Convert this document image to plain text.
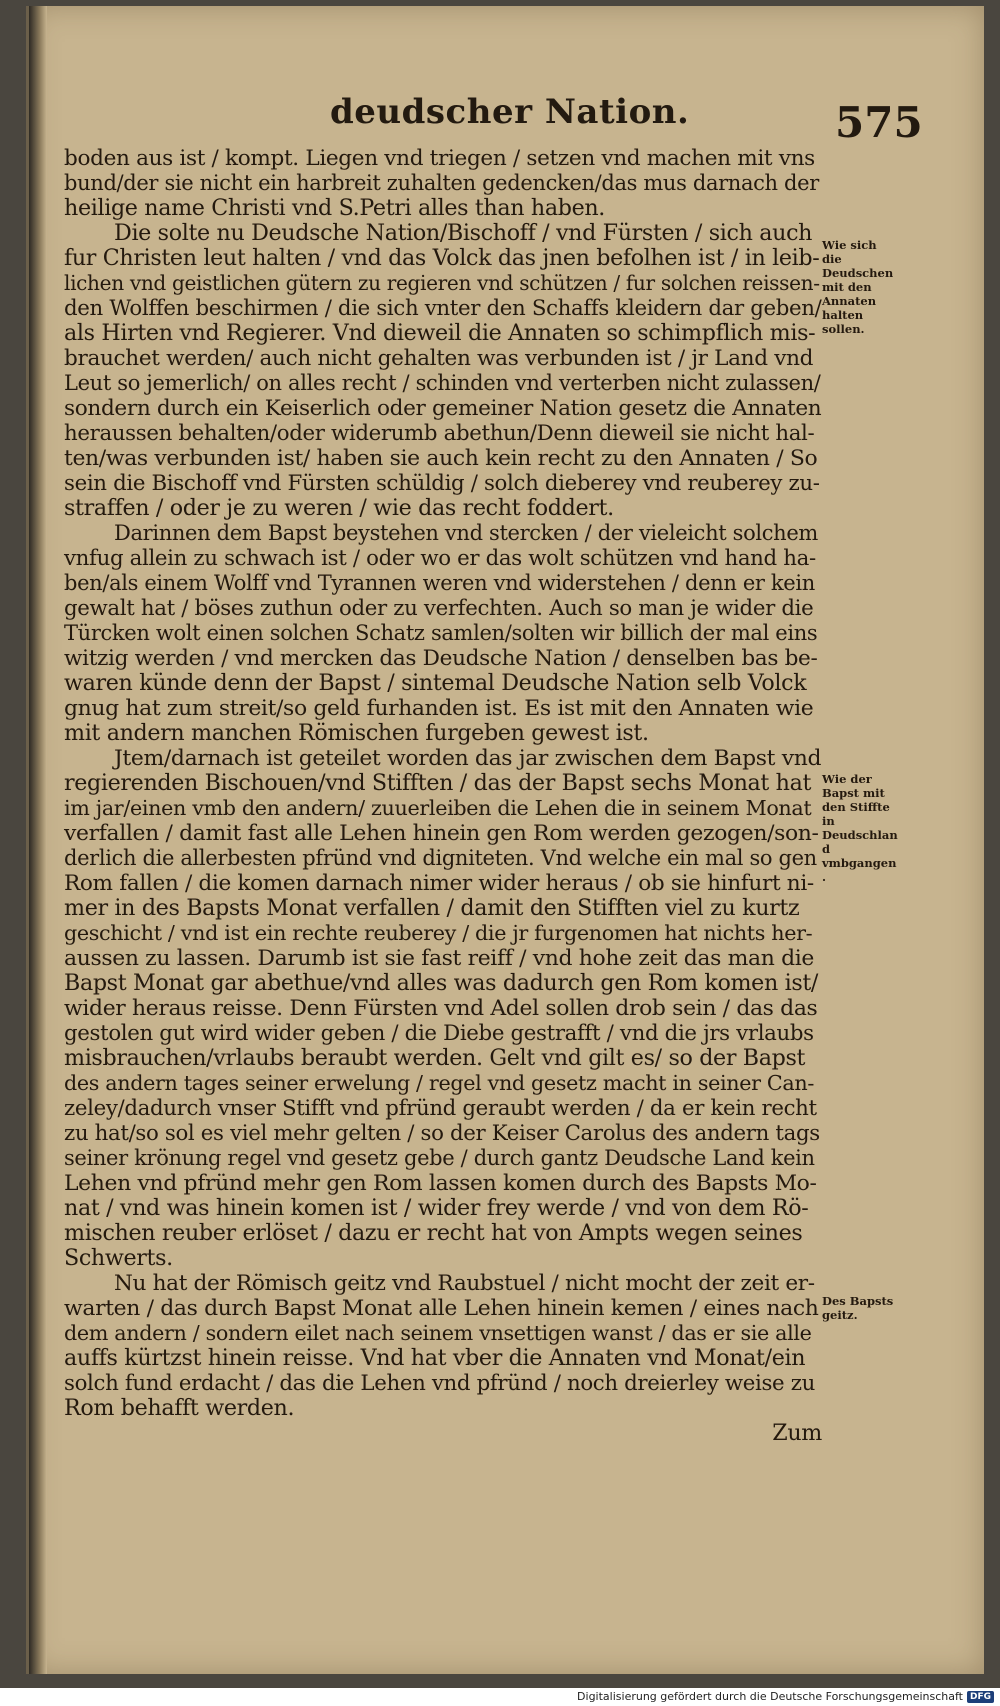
deudscher Nation.	575
boden aus ist / kompt. Liegen vnd triegen / setzen vnd machen mit vns
bund/der sie nicht ein harbreit zuhalten gedencken/das mus darnach der
heilige name Christi vnd S.Petri alles than haben.
Die solte nu Deudsche Nation/Bischoff / vnd Fürsten / sich auch
fur Christen leut halten / vnd das Volck das jnen befolhen ist / in leib-
lichen vnd geistlichen gütern zu regieren vnd schützen / fur solchen reissen-
den Wolffen beschirmen / die sich vnter den Schaffs kleidern dar geben/
als Hirten vnd Regierer. Vnd dieweil die Annaten so schimpflich mis-
brauchet werden/ auch nicht gehalten was verbunden ist / jr Land vnd
Leut so jemerlich/ on alles recht / schinden vnd verterben nicht zulassen/
sondern durch ein Keiserlich oder gemeiner Nation gesetz die Annaten
heraussen behalten/oder widerumb abethun/Denn dieweil sie nicht hal-
ten/was verbunden ist/ haben sie auch kein recht zu den Annaten / So
sein die Bischoff vnd Fürsten schüldig / solch dieberey vnd reuberey zu-
straffen / oder je zu weren / wie das recht foddert.
Darinnen dem Bapst beystehen vnd stercken / der vieleicht solchem
vnfug allein zu schwach ist / oder wo er das wolt schützen vnd hand ha-
ben/als einem Wolff vnd Tyrannen weren vnd widerstehen / denn er kein
gewalt hat / böses zuthun oder zu verfechten. Auch so man je wider die
Türcken wolt einen solchen Schatz samlen/solten wir billich der mal eins
witzig werden / vnd mercken das Deudsche Nation / denselben bas be-
waren künde denn der Bapst / sintemal Deudsche Nation selb Volck
gnug hat zum streit/so geld furhanden ist. Es ist mit den Annaten wie
mit andern manchen Römischen furgeben gewest ist.
Jtem/darnach ist geteilet worden das jar zwischen dem Bapst vnd
regierenden Bischouen/vnd Stifften / das der Bapst sechs Monat hat
im jar/einen vmb den andern/ zuuerleiben die Lehen die in seinem Monat
verfallen / damit fast alle Lehen hinein gen Rom werden gezogen/son-
derlich die allerbesten pfründ vnd digniteten. Vnd welche ein mal so gen
Rom fallen / die komen darnach nimer wider heraus / ob sie hinfurt ni-
mer in des Bapsts Monat verfallen / damit den Stifften viel zu kurtz
geschicht / vnd ist ein rechte reuberey / die jr furgenomen hat nichts her-
aussen zu lassen. Darumb ist sie fast reiff / vnd hohe zeit das man die
Bapst Monat gar abethue/vnd alles was dadurch gen Rom komen ist/
wider heraus reisse. Denn Fürsten vnd Adel sollen drob sein / das das
gestolen gut wird wider geben / die Diebe gestrafft / vnd die jrs vrlaubs
misbrauchen/vrlaubs beraubt werden. Gelt vnd gilt es/ so der Bapst
des andern tages seiner erwelung / regel vnd gesetz macht in seiner Can-
zeley/dadurch vnser Stifft vnd pfründ geraubt werden / da er kein recht
zu hat/so sol es viel mehr gelten / so der Keiser Carolus des andern tags
seiner krönung regel vnd gesetz gebe / durch gantz Deudsche Land kein
Lehen vnd pfründ mehr gen Rom lassen komen durch des Bapsts Mo-
nat / vnd was hinein komen ist / wider frey werde / vnd von dem Rö-
mischen reuber erlöset / dazu er recht hat von Ampts wegen seines
Schwerts.
Nu hat der Römisch geitz vnd Raubstuel / nicht mocht der zeit er-
warten / das durch Bapst Monat alle Lehen hinein kemen / eines nach
dem andern / sondern eilet nach seinem vnsettigen wanst / das er sie alle
auffs kürtzst hinein reisse. Vnd hat vber die Annaten vnd Monat/ein
solch fund erdacht / das die Lehen vnd pfründ / noch dreierley weise zu
Rom behafft werden.
Zum
Wie sich die Deudschen mit den Annaten halten sollen.
Wie der Bapst mit den Stiffte in Deudschland vmbgangen.
Des Bapsts geitz.
Digitalisierung gefördert durch die Deutsche Forschungsgemeinschaft DFG
